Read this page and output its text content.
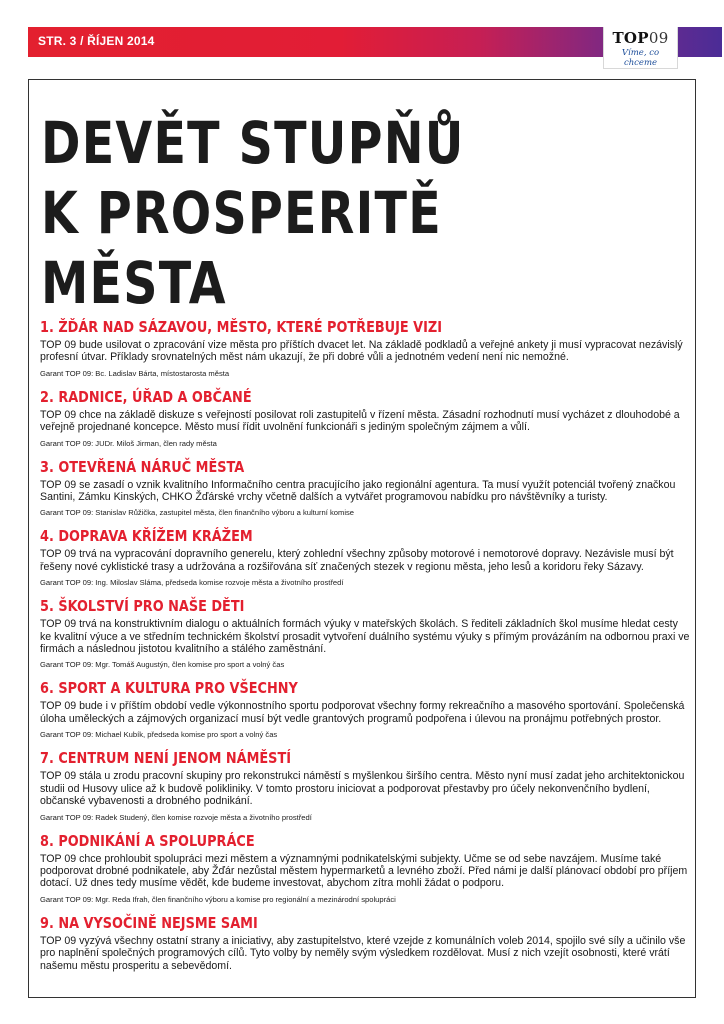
STR. 3 / ŘÍJEN 2014	TOP09
Víme, co chceme
DEVĚT STUPŇŮ
K PROSPERITĚ
MĚSTA
1. ŽĎÁR NAD SÁZAVOU, MĚSTO, KTERÉ POTŘEBUJE VIZI

TOP 09 bude usilovat o zpracování vize města pro příštích dvacet let. Na základě podkladů a veřejné ankety ji musí vypracovat nezávislý profesní útvar. Příklady srovnatelných měst nám ukazují, že při dobré vůli a jednotném vedení není nic nemožné.

Garant TOP 09: Bc. Ladislav Bárta, místostarosta města
2. RADNICE, ÚŘAD A OBČANÉ

TOP 09 chce na základě diskuze s veřejností posilovat roli zastupitelů v řízení města. Zásadní rozhodnutí musí vycházet z dlouhodobé a veřejně projednané koncepce. Město musí řídit uvolnění funkcionáři s jediným společným zájmem a vůlí.

Garant TOP 09: JUDr. Miloš Jirman, člen rady města
3. OTEVŘENÁ NÁRUČ MĚSTA

TOP 09 se zasadí o vznik kvalitního Informačního centra pracujícího jako regionální agentura. Ta musí využít potenciál tvořený značkou Santini, Zámku Kinských, CHKO Žďárské vrchy včetně dalších a vytvářet programovou nabídku pro návštěvníky a turisty.

Garant TOP 09: Stanislav Růžička, zastupitel města, člen finančního výboru a kulturní komise
4. DOPRAVA KŘÍŽEM KRÁŽEM

TOP 09 trvá na vypracování dopravního generelu, který zohlední všechny způsoby motorové i nemotorové dopravy. Nezávisle musí být řešeny nové cyklistické trasy a udržována a rozšiřována síť značených stezek v regionu města, jeho lesů a koridoru řeky Sázavy.

Garant TOP 09: Ing. Miloslav Sláma, předseda komise rozvoje města a životního prostředí
5. ŠKOLSTVÍ PRO NAŠE DĚTI

TOP 09 trvá na konstruktivním dialogu o aktuálních formách výuky v mateřských školách. S řediteli základních škol musíme hledat cesty ke kvalitní výuce a ve středním technickém školství prosadit vytvoření duálního systému výuky s přímým provázáním na odbornou praxi ve firmách a následnou jistotou kvalitního a stálého zaměstnání.

Garant TOP 09: Mgr. Tomáš Augustýn, člen komise pro sport a volný čas
6. SPORT A KULTURA PRO VŠECHNY

TOP 09 bude i v příštím období vedle výkonnostního sportu podporovat všechny formy rekreačního a masového sportování. Společenská úloha uměleckých a zájmových organizací musí být vedle grantových programů podpořena i úlevou na pronájmu potřebných prostor.

Garant TOP 09: Michael Kubík, předseda komise pro sport a volný čas
7. CENTRUM NENÍ JENOM NÁMĚSTÍ

TOP 09 stála u zrodu pracovní skupiny pro rekonstrukci náměstí s myšlenkou širšího centra. Město nyní musí zadat jeho architektonickou studii od Husovy ulice až k budově polikliniky. V tomto prostoru iniciovat a podporovat přestavby pro účely nekonvenčního bydlení, občanské vybavenosti a drobného podnikání.

Garant TOP 09: Radek Studený, člen komise rozvoje města a životního prostředí
8. PODNIKÁNÍ A SPOLUPRÁCE

TOP 09 chce prohloubit spolupráci mezi městem a významnými podnikatelskými subjekty. Učme se od sebe navzájem. Musíme také podporovat drobné podnikatele, aby Žďár nezůstal městem hypermarketů a levného zboží. Před námi je další plánovací období pro příjem dotací. Už dnes tedy musíme vědět, kde budeme investovat, abychom zítra mohli žádat o podporu.

Garant TOP 09: Mgr. Reda Ifrah, člen finančního výboru a komise pro regionální a mezinárodní spolupráci
9. NA VYSOČINĚ NEJSME SAMI

TOP 09 vyzývá všechny ostatní strany a iniciativy, aby zastupitelstvo, které vzejde z komunálních voleb 2014, spojilo své síly a učinilo vše pro naplnění společných programových cílů. Tyto volby by neměly svým výsledkem rozdělovat. Musí z nich vzejít osobnosti, které vrátí našemu městu prosperitu a sebevědomí.
